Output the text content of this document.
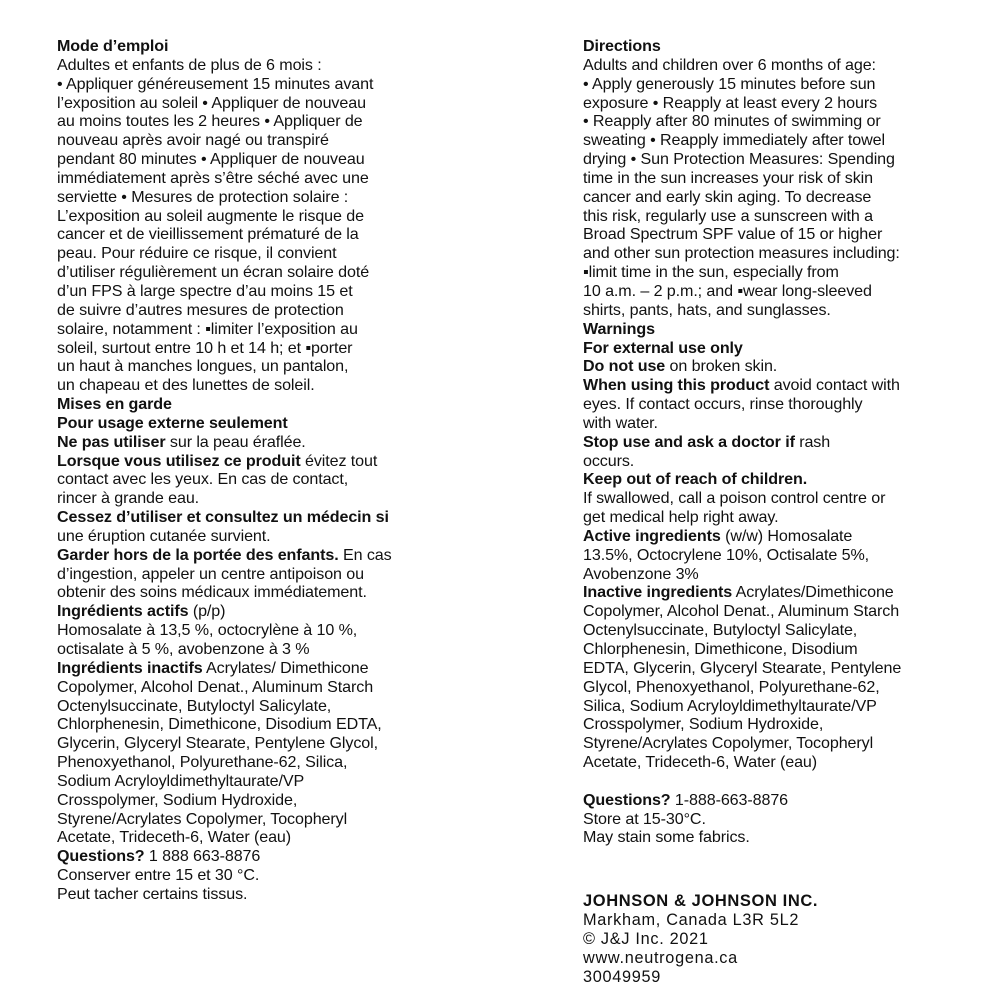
Mode d’emploi
Adultes et enfants de plus de 6 mois :
• Appliquer généreusement 15 minutes avant
l’exposition au soleil • Appliquer de nouveau
au moins toutes les 2 heures • Appliquer de
nouveau après avoir nagé ou transpiré
pendant 80 minutes • Appliquer de nouveau
immédiatement après s’être séché avec une
serviette • Mesures de protection solaire :
L’exposition au soleil augmente le risque de
cancer et de vieillissement prématuré de la
peau. Pour réduire ce risque, il convient
d’utiliser régulièrement un écran solaire doté
d’un FPS à large spectre d’au moins 15 et
de suivre d’autres mesures de protection
solaire, notamment : ▪limiter l’exposition au
soleil, surtout entre 10 h et 14 h; et ▪porter
un haut à manches longues, un pantalon,
un chapeau et des lunettes de soleil.
Mises en garde
Pour usage externe seulement
Ne pas utiliser sur la peau éraflée.
Lorsque vous utilisez ce produit évitez tout
contact avec les yeux. En cas de contact,
rincer à grande eau.
Cessez d’utiliser et consultez un médecin si
une éruption cutanée survient.
Garder hors de la portée des enfants. En cas
d’ingestion, appeler un centre antipoison ou
obtenir des soins médicaux immédiatement.
Ingrédients actifs (p/p)
Homosalate à 13,5 %, octocrylène à 10 %,
octisalate à 5 %, avobenzone à 3 %
Ingrédients inactifs Acrylates/ Dimethicone
Copolymer, Alcohol Denat., Aluminum Starch
Octenylsuccinate, Butyloctyl Salicylate,
Chlorphenesin, Dimethicone, Disodium EDTA,
Glycerin, Glyceryl Stearate, Pentylene Glycol,
Phenoxyethanol, Polyurethane-62, Silica,
Sodium Acryloyldimethyltaurate/VP
Crosspolymer, Sodium Hydroxide,
Styrene/Acrylates Copolymer, Tocopheryl
Acetate, Trideceth-6, Water (eau)
Questions? 1 888 663-8876
Conserver entre 15 et 30 °C.
Peut tacher certains tissus.
Directions
Adults and children over 6 months of age:
• Apply generously 15 minutes before sun
exposure • Reapply at least every 2 hours
• Reapply after 80 minutes of swimming or
sweating • Reapply immediately after towel
drying • Sun Protection Measures: Spending
time in the sun increases your risk of skin
cancer and early skin aging. To decrease
this risk, regularly use a sunscreen with a
Broad Spectrum SPF value of 15 or higher
and other sun protection measures including:
▪limit time in the sun, especially from
10 a.m. – 2 p.m.; and ▪wear long-sleeved
shirts, pants, hats, and sunglasses.
Warnings
For external use only
Do not use on broken skin.
When using this product avoid contact with
eyes. If contact occurs, rinse thoroughly
with water.
Stop use and ask a doctor if rash
occurs.
Keep out of reach of children.
If swallowed, call a poison control centre or
get medical help right away.
Active ingredients (w/w) Homosalate
13.5%, Octocrylene 10%, Octisalate 5%,
Avobenzone 3%
Inactive ingredients Acrylates/Dimethicone
Copolymer, Alcohol Denat., Aluminum Starch
Octenylsuccinate, Butyloctyl Salicylate,
Chlorphenesin, Dimethicone, Disodium
EDTA, Glycerin, Glyceryl Stearate, Pentylene
Glycol, Phenoxyethanol, Polyurethane-62,
Silica, Sodium Acryloyldimethyltaurate/VP
Crosspolymer, Sodium Hydroxide,
Styrene/Acrylates Copolymer, Tocopheryl
Acetate, Trideceth-6, Water (eau)
Questions? 1-888-663-8876
Store at 15-30°C.
May stain some fabrics.
JOHNSON & JOHNSON INC.
Markham, Canada L3R 5L2
© J&J Inc. 2021
www.neutrogena.ca
30049959
